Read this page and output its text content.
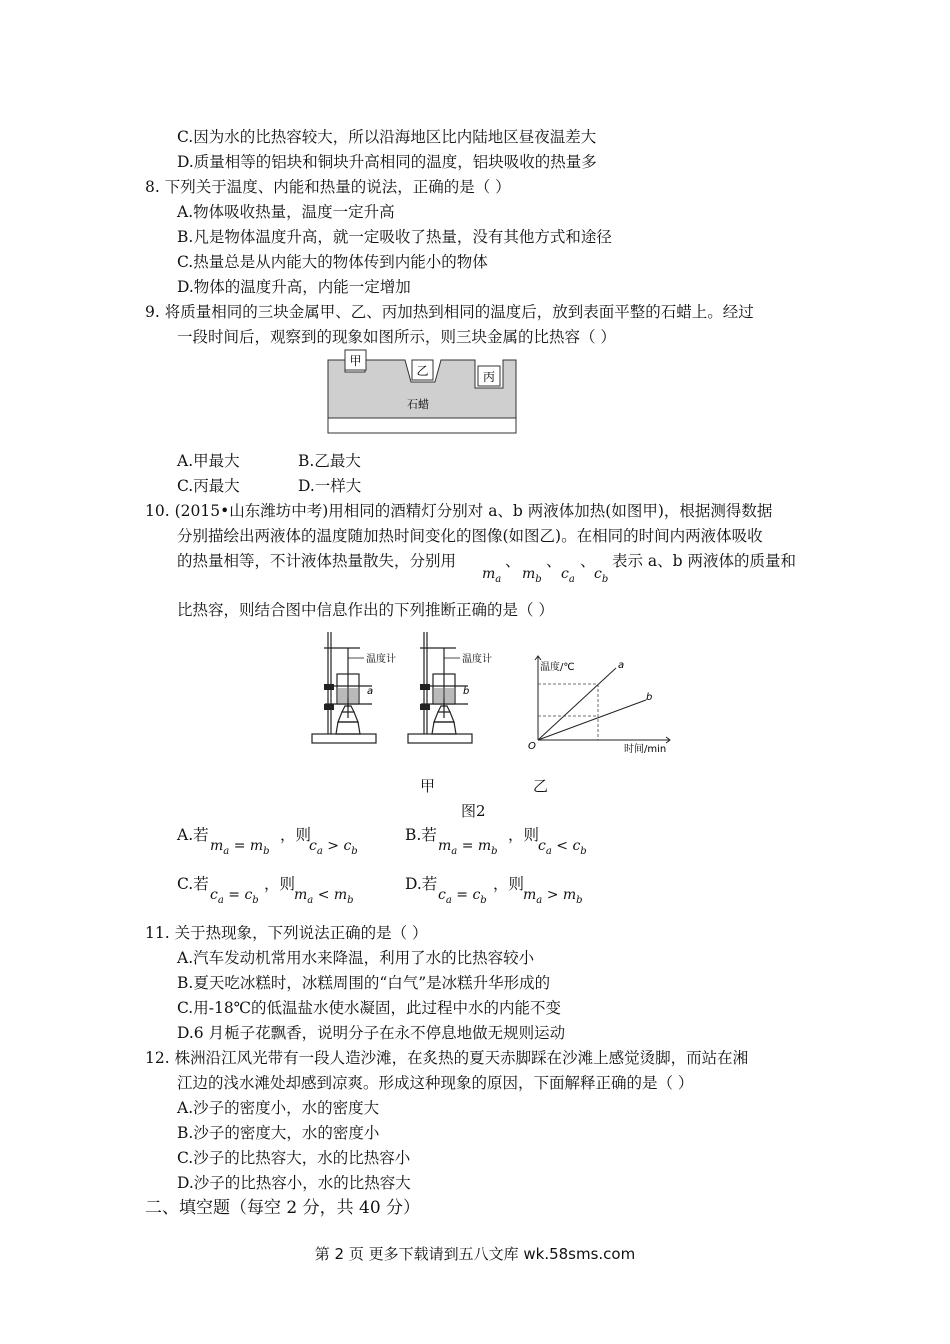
C.因为水的比热容较大，所以沿海地区比内陆地区昼夜温差大
D.质量相等的铝块和铜块升高相同的温度，铝块吸收的热量多
8. 下列关于温度、内能和热量的说法，正确的是（ ）
A.物体吸收热量，温度一定升高
B.凡是物体温度升高，就一定吸收了热量，没有其他方式和途径
C.热量总是从内能大的物体传到内能小的物体
D.物体的温度升高，内能一定增加
9. 将质量相同的三块金属甲、乙、丙加热到相同的温度后，放到表面平整的石蜡上。经过
一段时间后，观察到的现象如图所示，则三块金属的比热容（ ）
甲
乙	丙
石蜡
A.甲最大	B.乙最大
C.丙最大	D.一样大
10. (2015•山东潍坊中考)用相同的酒精灯分别对 a、b 两液体加热(如图甲)，根据测得数据
分别描绘出两液体的温度随加热时间变化的图像(如图乙)。在相同的时间内两液体吸收
的热量相等，不计液体热量散失，分别用
$m_a$
、
$m_b$
、
$c_a$
、
$c_b$
表示 a、b 两液体的质量和
比热容，则结合图中信息作出的下列推断正确的是（ ）
温度计
a
温度计
b
温度/℃
时间/min
O
a
b
甲	乙
图2
A.若
$m_a = m_b$
，则
$c_a > c_b$
B.若
$m_a = m_b$
，则
$c_a < c_b$
C.若
$c_a = c_b$
，则
$m_a < m_b$
D.若
$c_a = c_b$
，则
$m_a > m_b$
11. 关于热现象，下列说法正确的是（ ）
A.汽车发动机常用水来降温，利用了水的比热容较小
B.夏天吃冰糕时，冰糕周围的“白气”是冰糕升华形成的
C.用-18℃的低温盐水使水凝固，此过程中水的内能不变
D.6 月栀子花飘香，说明分子在永不停息地做无规则运动
12. 株洲沿江风光带有一段人造沙滩，在炙热的夏天赤脚踩在沙滩上感觉烫脚，而站在湘
江边的浅水滩处却感到凉爽。形成这种现象的原因，下面解释正确的是（ ）
A.沙子的密度小，水的密度大
B.沙子的密度大，水的密度小
C.沙子的比热容大，水的比热容小
D.沙子的比热容小，水的比热容大
二、填空题（每空 2 分，共 40 分）
第 2 页 更多下载请到五八文库 wk.58sms.com
